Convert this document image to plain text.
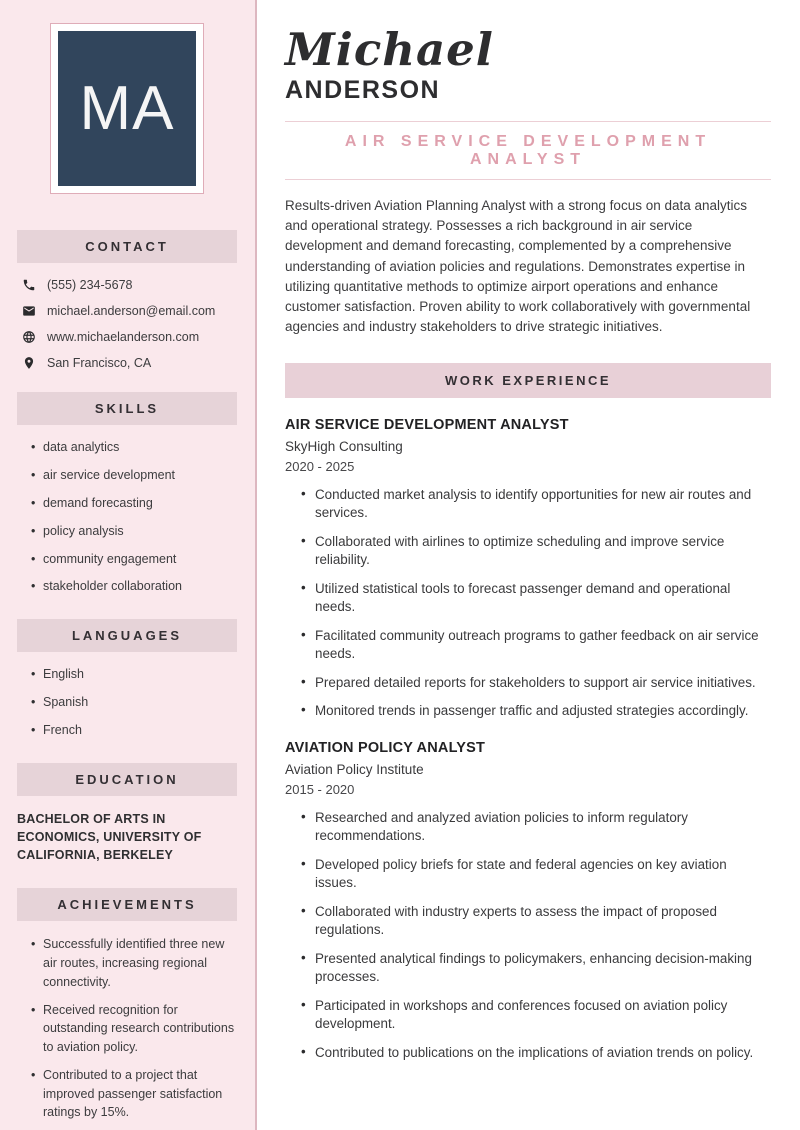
MA
CONTACT
(555) 234-5678
michael.anderson@email.com
www.michaelanderson.com
San Francisco, CA
SKILLS
• data analytics
• air service development
• demand forecasting
• policy analysis
• community engagement
• stakeholder collaboration
LANGUAGES
• English
• Spanish
• French
EDUCATION
BACHELOR OF ARTS IN ECONOMICS, UNIVERSITY OF CALIFORNIA, BERKELEY
ACHIEVEMENTS
• Successfully identified three new air routes, increasing regional connectivity.
• Received recognition for outstanding research contributions to aviation policy.
• Contributed to a project that improved passenger satisfaction ratings by 15%.
Michael
ANDERSON
AIR SERVICE DEVELOPMENT ANALYST

Results-driven Aviation Planning Analyst with a strong focus on data analytics and operational strategy. Possesses a rich background in air service development and demand forecasting, complemented by a comprehensive understanding of aviation policies and regulations. Demonstrates expertise in utilizing quantitative methods to optimize airport operations and enhance customer satisfaction. Proven ability to work collaboratively with governmental agencies and industry stakeholders to drive strategic initiatives.

WORK EXPERIENCE
AIR SERVICE DEVELOPMENT ANALYST
SkyHigh Consulting
2020 - 2025
• Conducted market analysis to identify opportunities for new air routes and services.
• Collaborated with airlines to optimize scheduling and improve service reliability.
• Utilized statistical tools to forecast passenger demand and operational needs.
• Facilitated community outreach programs to gather feedback on air service needs.
• Prepared detailed reports for stakeholders to support air service initiatives.
• Monitored trends in passenger traffic and adjusted strategies accordingly.
AVIATION POLICY ANALYST
Aviation Policy Institute
2015 - 2020
• Researched and analyzed aviation policies to inform regulatory recommendations.
• Developed policy briefs for state and federal agencies on key aviation issues.
• Collaborated with industry experts to assess the impact of proposed regulations.
• Presented analytical findings to policymakers, enhancing decision-making processes.
• Participated in workshops and conferences focused on aviation policy development.
• Contributed to publications on the implications of aviation trends on policy.
